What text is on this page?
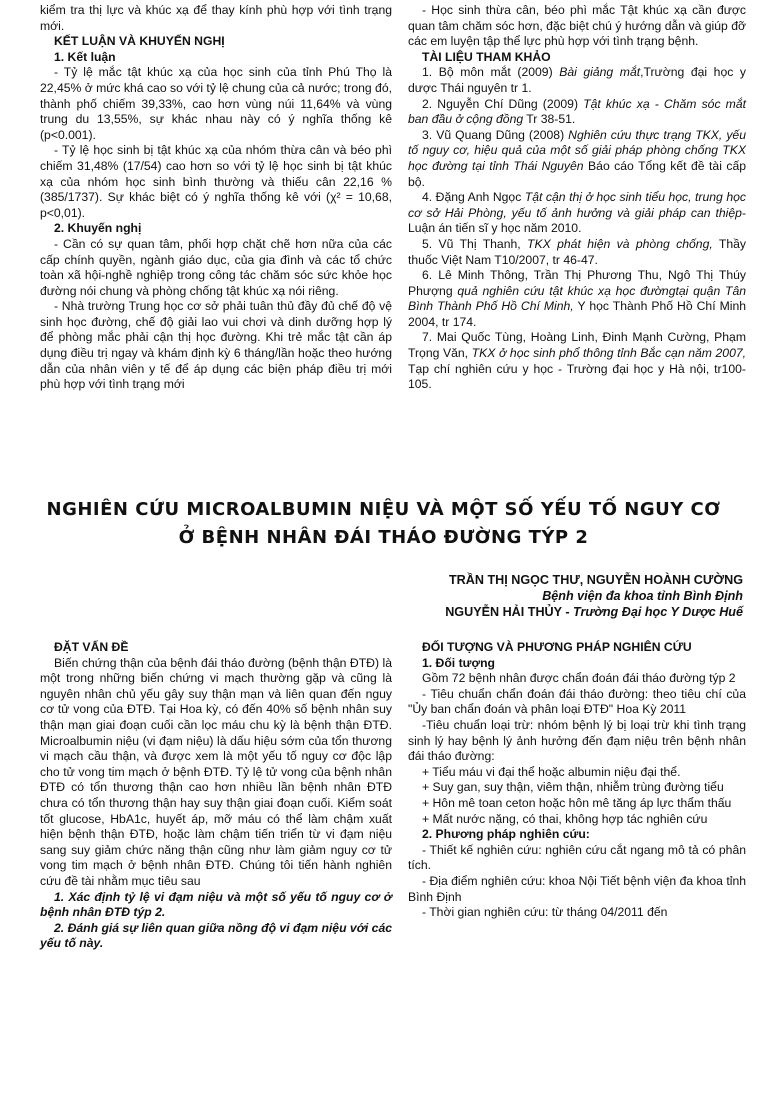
kiểm tra thị lực và khúc xạ để thay kính phù hợp với tình trạng mới.

KẾT LUẬN VÀ KHUYẾN NGHỊ

1. Kết luận

- Tỷ lệ mắc tật khúc xạ của học sinh của tỉnh Phú Thọ là 22,45% ở mức khá cao so với tỷ lệ chung của cả nước; trong đó, thành phố chiếm 39,33%, cao hơn vùng núi 11,64% và vùng trung du 13,55%, sự khác nhau này có ý nghĩa thống kê (p<0.001).

- Tỷ lệ học sinh bị tật khúc xạ của nhóm thừa cân và béo phì chiếm 31,48% (17/54) cao hơn so với tỷ lệ học sinh bị tật khúc xạ của nhóm học sinh bình thường và thiếu cân 22,16 % (385/1737). Sự khác biệt có ý nghĩa thống kê với (χ² = 10,68, p<0,01).

2. Khuyến nghị

- Cần có sự quan tâm, phối hợp chặt chẽ hơn nữa của các cấp chính quyền, ngành giáo dục, của gia đình và các tổ chức toàn xã hội-nghề nghiệp trong công tác chăm sóc sức khỏe học đường nói chung và phòng chống tật khúc xạ nói riêng.

- Nhà trường Trung học cơ sở phải tuân thủ đầy đủ chế độ vệ sinh học đường, chế độ giải lao vui chơi và dinh dưỡng hợp lý để phòng mắc phải cận thị học đường. Khi trẻ mắc tật cần áp dụng điều trị ngay và khám định kỳ 6 tháng/lần hoặc theo hướng dẫn của nhân viên y tế để áp dụng các biện pháp điều trị mới phù hợp với tình trạng mới

- Học sinh thừa cân, béo phì mắc Tật khúc xạ cần được quan tâm chăm sóc hơn, đặc biệt chú ý hướng dẫn và giúp đỡ các em luyện tập thể lực phù hợp với tình trạng bệnh.

TÀI LIỆU THAM KHẢO

1. Bộ môn mắt (2009) Bài giảng mắt,Trường đại học y dược Thái nguyên tr 1.

2. Nguyễn Chí Dũng (2009) Tật khúc xạ - Chăm sóc mắt ban đầu ở cộng đồng Tr 38-51.

3. Vũ Quang Dũng (2008) Nghiên cứu thực trạng TKX, yếu tố nguy cơ, hiệu quả của một số giải pháp phòng chống TKX học đường tại tỉnh Thái Nguyên Báo cáo Tổng kết đề tài cấp bộ.

4. Đặng Anh Ngọc Tật cận thị ở học sinh tiểu học, trung học cơ sở Hải Phòng, yếu tố ảnh hưởng và giải pháp can thiệp- Luận án tiến sĩ y học năm 2010.

5. Vũ Thị Thanh, TKX phát hiện và phòng chống, Thầy thuốc Việt Nam T10/2007, tr 46-47.

6. Lê Minh Thông, Trần Thị Phương Thu, Ngô Thị Thúy Phượng quả nghiên cứu tật khúc xạ học đườngtại quận Tân Bình Thành Phố Hồ Chí Minh, Y học Thành Phố Hồ Chí Minh 2004, tr 174.

7. Mai Quốc Tùng, Hoàng Linh, Đinh Mạnh Cường, Phạm Trọng Văn, TKX ở học sinh phổ thông tỉnh Bắc cạn năm 2007, Tạp chí nghiên cứu y học - Trường đại học y Hà nội, tr100- 105.

NGHIÊN CỨU MICROALBUMIN NIỆU VÀ MỘT SỐ YẾU TỐ NGUY CƠ
Ở BỆNH NHÂN ĐÁI THÁO ĐƯỜNG TÝP 2
TRẦN THỊ NGỌC THƯ, NGUYỄN HOÀNH CƯỜNG
Bệnh viện đa khoa tỉnh Bình Định
NGUYỄN HẢI THỦY - Trường Đại học Y Dược Huế

ĐẶT VẤN ĐỀ

Biến chứng thận của bệnh đái tháo đường (bệnh thận ĐTĐ) là một trong những biến chứng vi mạch thường gặp và cũng là nguyên nhân chủ yếu gây suy thận mạn và liên quan đến nguy cơ tử vong của ĐTĐ. Tại Hoa kỳ, có đến 40% số bệnh nhân suy thận mạn giai đoạn cuối cần lọc máu chu kỳ là bệnh thận ĐTĐ. Microalbumin niệu (vi đạm niệu) là dấu hiệu sớm của tổn thương vi mạch cầu thận, và được xem là một yếu tố nguy cơ độc lập cho tử vong tim mạch ở bệnh ĐTĐ. Tỷ lệ tử vong của bệnh nhân ĐTĐ có tổn thương thận cao hơn nhiều lần bệnh nhân ĐTĐ chưa có tổn thương thận hay suy thận giai đoạn cuối. Kiểm soát tốt glucose, HbA1c, huyết áp, mỡ máu có thể làm chậm xuất hiện bệnh thận ĐTĐ, hoặc làm chậm tiến triển từ vi đạm niệu sang suy giảm chức năng thận cũng như làm giảm nguy cơ tử vong tim mạch ở bệnh nhân ĐTĐ. Chúng tôi tiến hành nghiên cứu đề tài nhằm mục tiêu sau

1. Xác định tỷ lệ vi đạm niệu và một số yếu tố nguy cơ ở bệnh nhân ĐTĐ týp 2.

2. Đánh giá sự liên quan giữa nồng độ vi đạm niệu với các yếu tố này.

ĐỐI TƯỢNG VÀ PHƯƠNG PHÁP NGHIÊN CỨU

1. Đối tượng

Gồm 72 bệnh nhân được chẩn đoán đái tháo đường týp 2

- Tiêu chuẩn chẩn đoán đái tháo đường: theo tiêu chí của "Ủy ban chẩn đoán và phân loại ĐTĐ" Hoa Kỳ 2011

-Tiêu chuẩn loại trừ: nhóm bệnh lý bị loại trừ khi tình trạng sinh lý hay bệnh lý ảnh hưởng đến đạm niệu trên bệnh nhân đái tháo đường:

+ Tiểu máu vi đại thể hoặc albumin niệu đại thể.

+ Suy gan, suy thận, viêm thận, nhiễm trùng đường tiểu

+ Hôn mê toan ceton hoặc hôn mê tăng áp lực thẩm thấu

+ Mất nước nặng, có thai, không hợp tác nghiên cứu

2. Phương pháp nghiên cứu:

- Thiết kế nghiên cứu: nghiên cứu cắt ngang mô tả có phân tích.

- Địa điểm nghiên cứu: khoa Nội Tiết bệnh viện đa khoa tỉnh Bình Định

- Thời gian nghiên cứu: từ tháng 04/2011 đến
